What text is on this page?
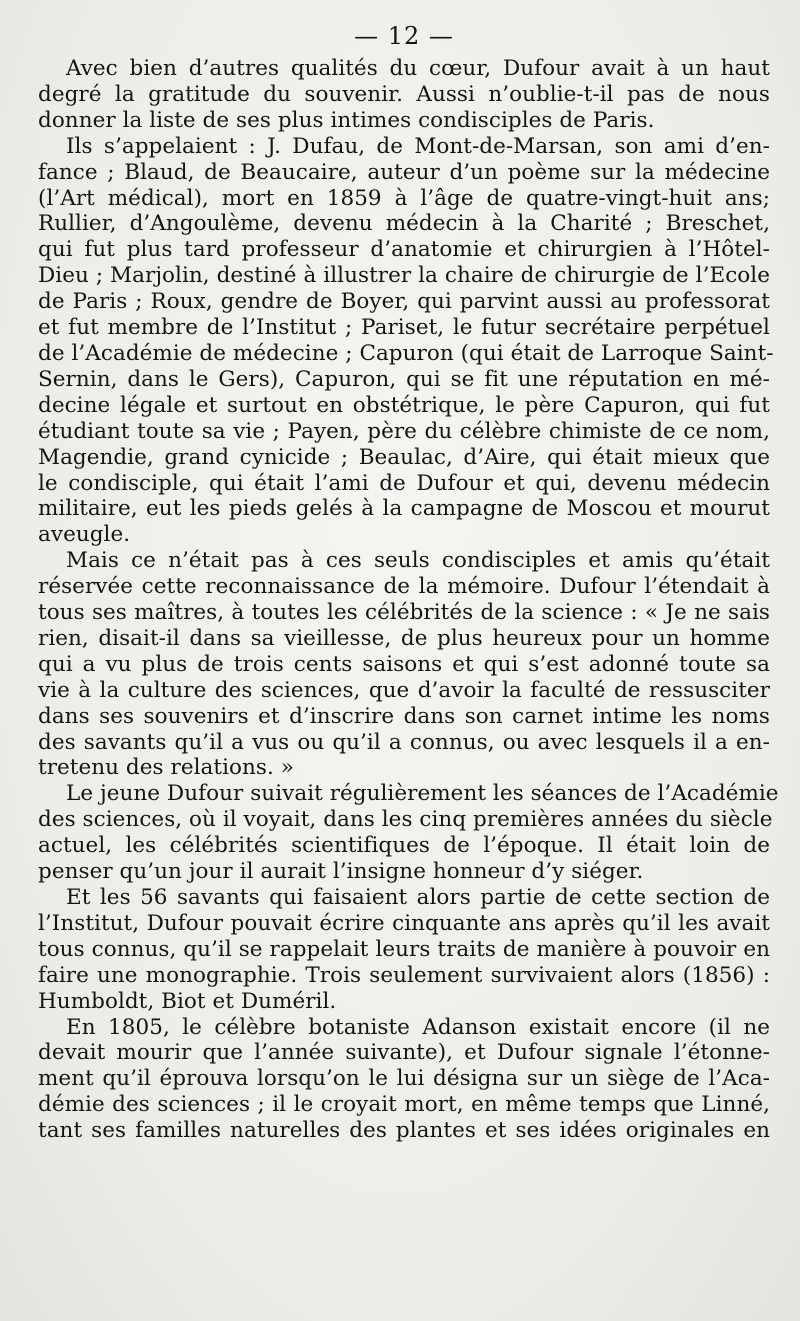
— 12 —

Avec bien d’autres qualités du cœur, Dufour avait à un haut
degré la gratitude du souvenir. Aussi n’oublie-t-il pas de nous
donner la liste de ses plus intimes condisciples de Paris.

Ils s’appelaient : J. Dufau, de Mont-de-Marsan, son ami d’en-
fance ; Blaud, de Beaucaire, auteur d’un poème sur la médecine
(l’Art médical), mort en 1859 à l’âge de quatre-vingt-huit ans;
Rullier, d’Angoulème, devenu médecin à la Charité ; Breschet,
qui fut plus tard professeur d’anatomie et chirurgien à l’Hôtel-
Dieu ; Marjolin, destiné à illustrer la chaire de chirurgie de l’Ecole
de Paris ; Roux, gendre de Boyer, qui parvint aussi au professorat
et fut membre de l’Institut ; Pariset, le futur secrétaire perpétuel
de l’Académie de médecine ; Capuron (qui était de Larroque Saint-
Sernin, dans le Gers), Capuron, qui se fit une réputation en mé-
decine légale et surtout en obstétrique, le père Capuron, qui fut
étudiant toute sa vie ; Payen, père du célèbre chimiste de ce nom,
Magendie, grand cynicide ; Beaulac, d’Aire, qui était mieux que
le condisciple, qui était l’ami de Dufour et qui, devenu médecin
militaire, eut les pieds gelés à la campagne de Moscou et mourut
aveugle.

Mais ce n’était pas à ces seuls condisciples et amis qu’était
réservée cette reconnaissance de la mémoire. Dufour l’étendait à
tous ses maîtres, à toutes les célébrités de la science : « Je ne sais
rien, disait-il dans sa vieillesse, de plus heureux pour un homme
qui a vu plus de trois cents saisons et qui s’est adonné toute sa
vie à la culture des sciences, que d’avoir la faculté de ressusciter
dans ses souvenirs et d’inscrire dans son carnet intime les noms
des savants qu’il a vus ou qu’il a connus, ou avec lesquels il a en-
tretenu des relations. »

Le jeune Dufour suivait régulièrement les séances de l’Académie
des sciences, où il voyait, dans les cinq premières années du siècle
actuel, les célébrités scientifiques de l’époque. Il était loin de
penser qu’un jour il aurait l’insigne honneur d’y siéger.

Et les 56 savants qui faisaient alors partie de cette section de
l’Institut, Dufour pouvait écrire cinquante ans après qu’il les avait
tous connus, qu’il se rappelait leurs traits de manière à pouvoir en
faire une monographie. Trois seulement survivaient alors (1856) :
Humboldt, Biot et Duméril.

En 1805, le célèbre botaniste Adanson existait encore (il ne
devait mourir que l’année suivante), et Dufour signale l’étonne-
ment qu’il éprouva lorsqu’on le lui désigna sur un siège de l’Aca-
démie des sciences ; il le croyait mort, en même temps que Linné,
tant ses familles naturelles des plantes et ses idées originales en
